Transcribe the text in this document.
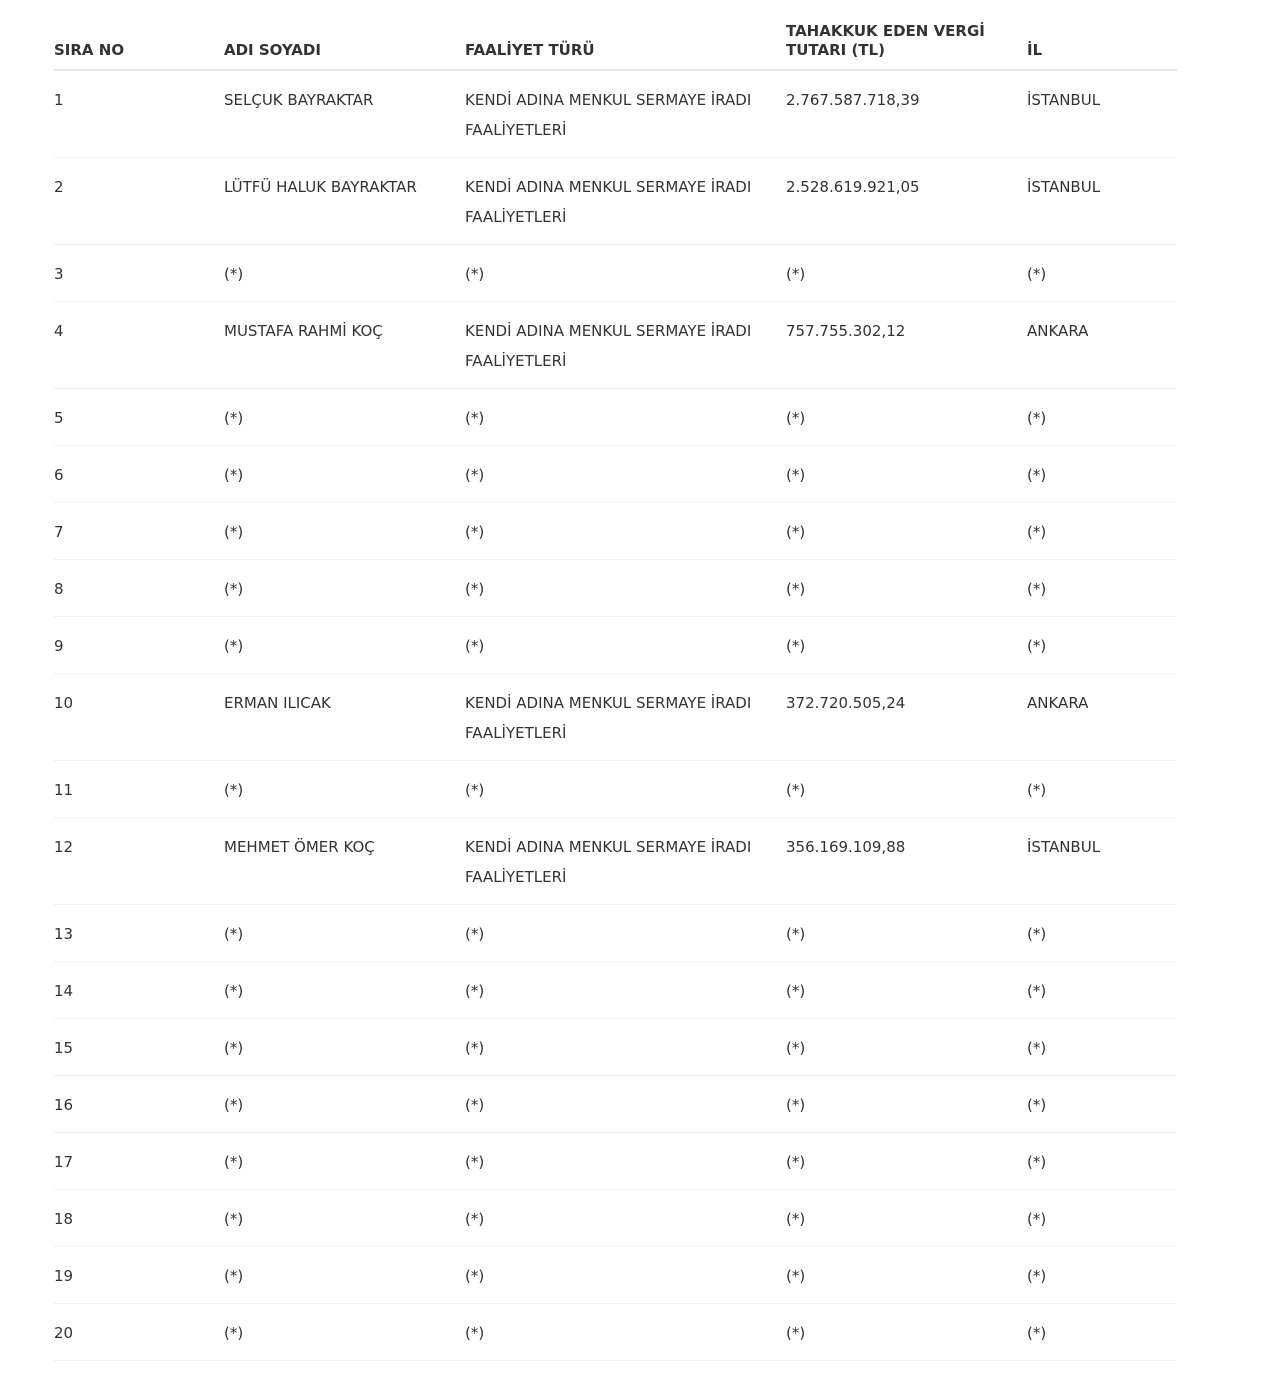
SIRA NO	ADI SOYADI	FAALİYET TÜRÜ	TAHAKKUK EDEN VERGİ TUTARI (TL)	İL
1	SELÇUK BAYRAKTAR	KENDİ ADINA MENKUL SERMAYE İRADI FAALİYETLERİ	2.767.587.718,39	İSTANBUL
2	LÜTFÜ HALUK BAYRAKTAR	KENDİ ADINA MENKUL SERMAYE İRADI FAALİYETLERİ	2.528.619.921,05	İSTANBUL
3	(*)	(*)	(*)	(*)
4	MUSTAFA RAHMİ KOÇ	KENDİ ADINA MENKUL SERMAYE İRADI FAALİYETLERİ	757.755.302,12	ANKARA
5	(*)	(*)	(*)	(*)
6	(*)	(*)	(*)	(*)
7	(*)	(*)	(*)	(*)
8	(*)	(*)	(*)	(*)
9	(*)	(*)	(*)	(*)
10	ERMAN ILICAK	KENDİ ADINA MENKUL SERMAYE İRADI FAALİYETLERİ	372.720.505,24	ANKARA
11	(*)	(*)	(*)	(*)
12	MEHMET ÖMER KOÇ	KENDİ ADINA MENKUL SERMAYE İRADI FAALİYETLERİ	356.169.109,88	İSTANBUL
13	(*)	(*)	(*)	(*)
14	(*)	(*)	(*)	(*)
15	(*)	(*)	(*)	(*)
16	(*)	(*)	(*)	(*)
17	(*)	(*)	(*)	(*)
18	(*)	(*)	(*)	(*)
19	(*)	(*)	(*)	(*)
20	(*)	(*)	(*)	(*)
